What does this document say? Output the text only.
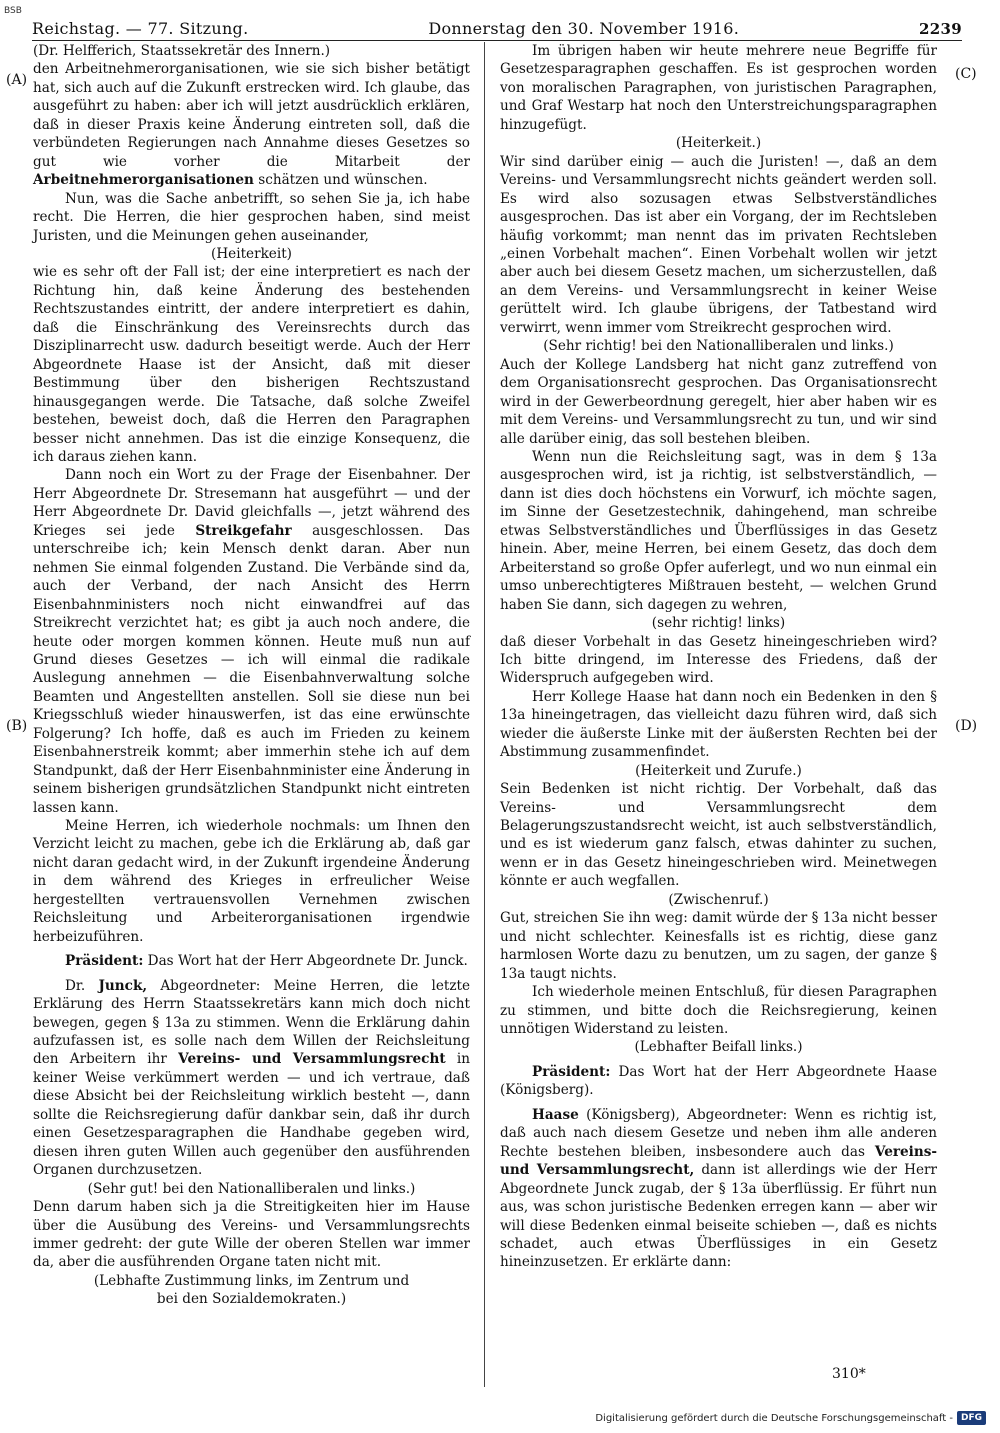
BSB
Reichstag. — 77. Sitzung.	Donnerstag den 30. November 1916.	2239
(A)
(B)
(C)
(D)

(Dr. Helfferich, Staatssekretär des Innern.)

den Arbeitnehmerorganisationen, wie sie sich bisher betätigt hat, sich auch auf die Zukunft erstrecken wird. Ich glaube, das ausgeführt zu haben: aber ich will jetzt ausdrücklich erklären, daß in dieser Praxis keine Änderung eintreten soll, daß die verbündeten Regierungen nach Annahme dieses Gesetzes so gut wie vorher die Mitarbeit der Arbeitnehmerorganisationen schätzen und wünschen.

Nun, was die Sache anbetrifft, so sehen Sie ja, ich habe recht. Die Herren, die hier gesprochen haben, sind meist Juristen, und die Meinungen gehen auseinander,

(Heiterkeit)

wie es sehr oft der Fall ist; der eine interpretiert es nach der Richtung hin, daß keine Änderung des bestehenden Rechtszustandes eintritt, der andere interpretiert es dahin, daß die Einschränkung des Vereinsrechts durch das Disziplinarrecht usw. dadurch beseitigt werde. Auch der Herr Abgeordnete Haase ist der Ansicht, daß mit dieser Bestimmung über den bisherigen Rechtszustand hinausgegangen werde. Die Tatsache, daß solche Zweifel bestehen, beweist doch, daß die Herren den Paragraphen besser nicht annehmen. Das ist die einzige Konsequenz, die ich daraus ziehen kann.

Dann noch ein Wort zu der Frage der Eisenbahner. Der Herr Abgeordnete Dr. Stresemann hat ausgeführt — und der Herr Abgeordnete Dr. David gleichfalls —, jetzt während des Krieges sei jede Streikgefahr ausgeschlossen. Das unterschreibe ich; kein Mensch denkt daran. Aber nun nehmen Sie einmal folgenden Zustand. Die Verbände sind da, auch der Verband, der nach Ansicht des Herrn Eisenbahnministers noch nicht einwandfrei auf das Streikrecht verzichtet hat; es gibt ja auch noch andere, die heute oder morgen kommen können. Heute muß nun auf Grund dieses Gesetzes — ich will einmal die radikale Auslegung annehmen — die Eisenbahnverwaltung solche Beamten und Angestellten anstellen. Soll sie diese nun bei Kriegsschluß wieder hinauswerfen, ist das eine erwünschte Folgerung? Ich hoffe, daß es auch im Frieden zu keinem Eisenbahnerstreik kommt; aber immerhin stehe ich auf dem Standpunkt, daß der Herr Eisenbahnminister eine Änderung in seinem bisherigen grundsätzlichen Standpunkt nicht eintreten lassen kann.

Meine Herren, ich wiederhole nochmals: um Ihnen den Verzicht leicht zu machen, gebe ich die Erklärung ab, daß gar nicht daran gedacht wird, in der Zukunft irgendeine Änderung in dem während des Krieges in erfreulicher Weise hergestellten vertrauensvollen Vernehmen zwischen Reichsleitung und Arbeiterorganisationen irgendwie herbeizuführen.

Präsident: Das Wort hat der Herr Abgeordnete Dr. Junck.

Dr. Junck, Abgeordneter: Meine Herren, die letzte Erklärung des Herrn Staatssekretärs kann mich doch nicht bewegen, gegen § 13a zu stimmen. Wenn die Erklärung dahin aufzufassen ist, es solle nach dem Willen der Reichsleitung den Arbeitern ihr Vereins- und Versammlungsrecht in keiner Weise verkümmert werden — und ich vertraue, daß diese Absicht bei der Reichsleitung wirklich besteht —, dann sollte die Reichsregierung dafür dankbar sein, daß ihr durch einen Gesetzesparagraphen die Handhabe gegeben wird, diesen ihren guten Willen auch gegenüber den ausführenden Organen durchzusetzen.

(Sehr gut! bei den Nationalliberalen und links.)

Denn darum haben sich ja die Streitigkeiten hier im Hause über die Ausübung des Vereins- und Versammlungsrechts immer gedreht: der gute Wille der oberen Stellen war immer da, aber die ausführenden Organe taten nicht mit.

(Lebhafte Zustimmung links, im Zentrum und

bei den Sozialdemokraten.)

Im übrigen haben wir heute mehrere neue Begriffe für Gesetzesparagraphen geschaffen. Es ist gesprochen worden von moralischen Paragraphen, von juristischen Paragraphen, und Graf Westarp hat noch den Unterstreichungsparagraphen hinzugefügt.

(Heiterkeit.)

Wir sind darüber einig — auch die Juristen! —, daß an dem Vereins- und Versammlungsrecht nichts geändert werden soll. Es wird also sozusagen etwas Selbstverständliches ausgesprochen. Das ist aber ein Vorgang, der im Rechtsleben häufig vorkommt; man nennt das im privaten Rechtsleben „einen Vorbehalt machen“. Einen Vorbehalt wollen wir jetzt aber auch bei diesem Gesetz machen, um sicherzustellen, daß an dem Vereins- und Versammlungsrecht in keiner Weise gerüttelt wird. Ich glaube übrigens, der Tatbestand wird verwirrt, wenn immer vom Streikrecht gesprochen wird.

(Sehr richtig! bei den Nationalliberalen und links.)

Auch der Kollege Landsberg hat nicht ganz zutreffend von dem Organisationsrecht gesprochen. Das Organisationsrecht wird in der Gewerbeordnung geregelt, hier aber haben wir es mit dem Vereins- und Versammlungsrecht zu tun, und wir sind alle darüber einig, das soll bestehen bleiben.

Wenn nun die Reichsleitung sagt, was in dem § 13a ausgesprochen wird, ist ja richtig, ist selbstverständlich, — dann ist dies doch höchstens ein Vorwurf, ich möchte sagen, im Sinne der Gesetzestechnik, dahingehend, man schreibe etwas Selbstverständliches und Überflüssiges in das Gesetz hinein. Aber, meine Herren, bei einem Gesetz, das doch dem Arbeiterstand so große Opfer auferlegt, und wo nun einmal ein umso unberechtigteres Mißtrauen besteht, — welchen Grund haben Sie dann, sich dagegen zu wehren,

(sehr richtig! links)

daß dieser Vorbehalt in das Gesetz hineingeschrieben wird? Ich bitte dringend, im Interesse des Friedens, daß der Widerspruch aufgegeben wird.

Herr Kollege Haase hat dann noch ein Bedenken in den § 13a hineingetragen, das vielleicht dazu führen wird, daß sich wieder die äußerste Linke mit der äußersten Rechten bei der Abstimmung zusammenfindet.

(Heiterkeit und Zurufe.)

Sein Bedenken ist nicht richtig. Der Vorbehalt, daß das Vereins- und Versammlungsrecht dem Belagerungszustandsrecht weicht, ist auch selbstverständlich, und es ist wiederum ganz falsch, etwas dahinter zu suchen, wenn er in das Gesetz hineingeschrieben wird. Meinetwegen könnte er auch wegfallen.

(Zwischenruf.)

Gut, streichen Sie ihn weg: damit würde der § 13a nicht besser und nicht schlechter. Keinesfalls ist es richtig, diese ganz harmlosen Worte dazu zu benutzen, um zu sagen, der ganze § 13a taugt nichts.

Ich wiederhole meinen Entschluß, für diesen Paragraphen zu stimmen, und bitte doch die Reichsregierung, keinen unnötigen Widerstand zu leisten.

(Lebhafter Beifall links.)

Präsident: Das Wort hat der Herr Abgeordnete Haase (Königsberg).

Haase (Königsberg), Abgeordneter: Wenn es richtig ist, daß auch nach diesem Gesetze und neben ihm alle anderen Rechte bestehen bleiben, insbesondere auch das Vereins- und Versammlungsrecht, dann ist allerdings wie der Herr Abgeordnete Junck zugab, der § 13a überflüssig. Er führt nun aus, was schon juristische Bedenken erregen kann — aber wir will diese Bedenken einmal beiseite schieben —, daß es nichts schadet, auch etwas Überflüssiges in ein Gesetz hineinzusetzen. Er erklärte dann:

310*
Digitalisierung gefördert durch die Deutsche Forschungsgemeinschaft - DFG
